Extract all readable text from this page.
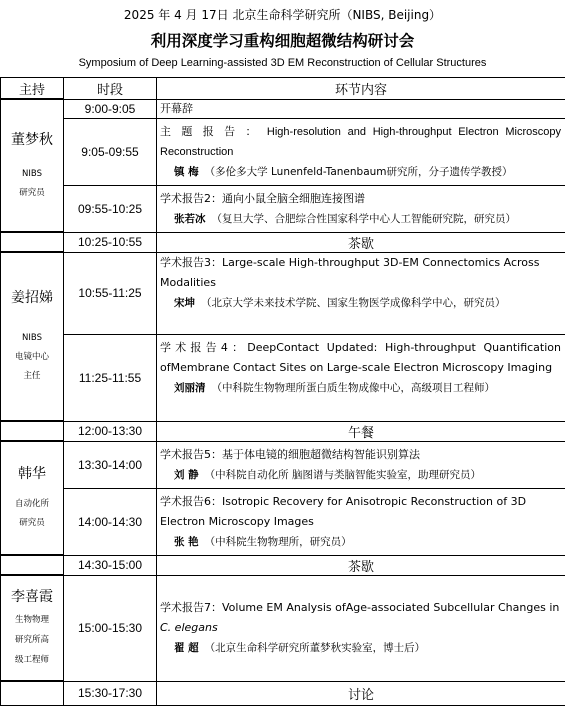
2025 年 4 月 17日 北京生命科学研究所（NIBS, Beijing）
利用深度学习重构细胞超微结构研讨会
Symposium of Deep Learning-assisted 3D EM Reconstruction of Cellular Structures
主持	时段	环节内容

董梦秋
NIBS
研究员	9:00-9:05	开幕辞
	9:05-09:55	主 题 报 告 ： High-resolution and High-throughput Electron Microscopy Reconstruction
镇 梅 （多伦多大学 Lunenfeld-Tanenbaum研究所，分子遗传学教授）

	09:55-10:25	学术报告2：通向小鼠全脑全细胞连接图谱
张若冰 （复旦大学、合肥综合性国家科学中心人工智能研究院，研究员）

	10:25-10:55	茶歇

姜招娣
NIBS
电镜中心
主任	10:55-11:25	学术报告3：Large-scale High-throughput 3D-EM Connectomics Across Modalities
宋坤 （北京大学未来技术学院、国家生物医学成像科学中心，研究员）

	11:25-11:55	学术报告4：DeepContact Updated: High-throughput Quantification ofMembrane Contact Sites on Large-scale Electron Microscopy Imaging
刘丽清 （中科院生物物理所蛋白质生物成像中心，高级项目工程师）

	12:00-13:30	午餐

韩华
自动化所
研究员	13:30-14:00	学术报告5：基于体电镜的细胞超微结构智能识别算法
刘 静 （中科院自动化所 脑图谱与类脑智能实验室，助理研究员）

	14:00-14:30	学术报告6：Isotropic Recovery for Anisotropic Reconstruction of 3D Electron Microscopy Images
张 艳 （中科院生物物理所，研究员）

	14:30-15:00	茶歇

李喜霞
生物物理
研究所高
级工程师	15:00-15:30	学术报告7：Volume EM Analysis ofAge-associated Subcellular Changes in C. elegans
翟 超 （北京生命科学研究所董梦秋实验室，博士后）

	15:30-17:30	讨论
